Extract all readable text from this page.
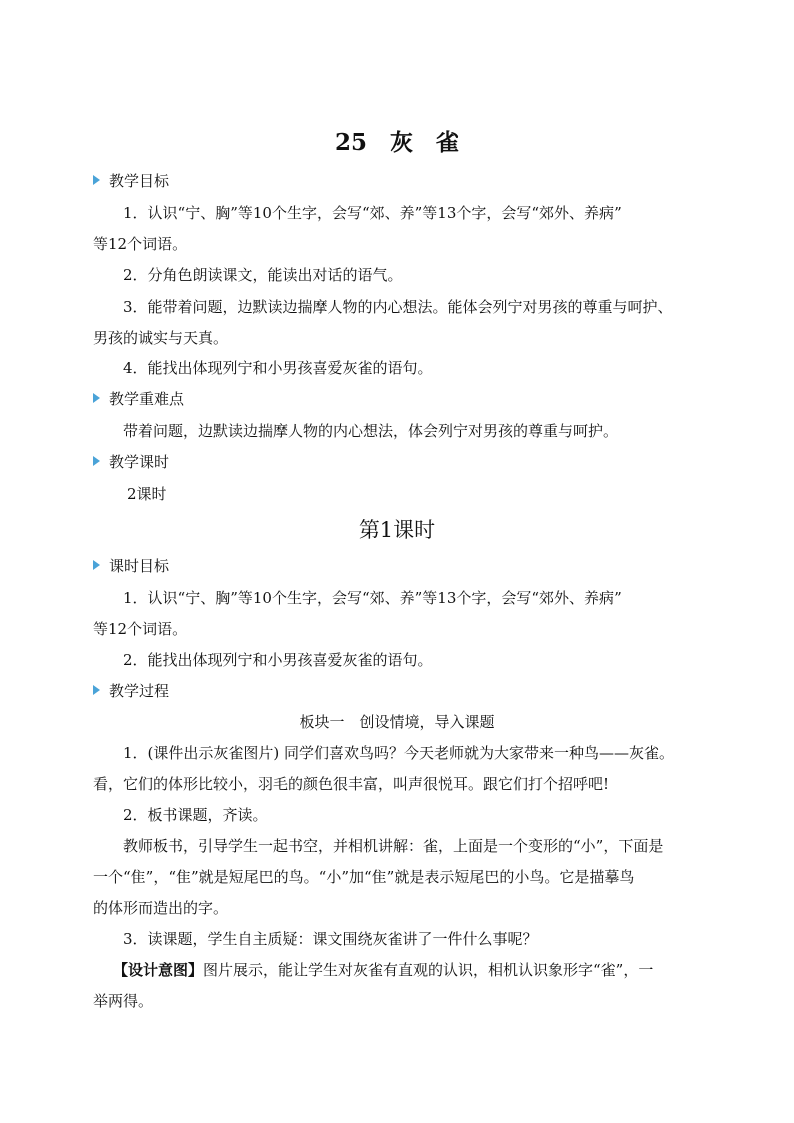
25　灰　雀
教学目标
1．认识“宁、胸”等10个生字，会写“郊、养”等13个字，会写“郊外、养病”
等12个词语。
2．分角色朗读课文，能读出对话的语气。
3．能带着问题，边默读边揣摩人物的内心想法。能体会列宁对男孩的尊重与呵护、
男孩的诚实与天真。
4．能找出体现列宁和小男孩喜爱灰雀的语句。
教学重难点
带着问题，边默读边揣摩人物的内心想法，体会列宁对男孩的尊重与呵护。
教学课时
2课时
第1课时
课时目标
1．认识“宁、胸”等10个生字，会写“郊、养”等13个字，会写“郊外、养病”
等12个词语。
2．能找出体现列宁和小男孩喜爱灰雀的语句。
教学过程
板块一　创设情境，导入课题
1．(课件出示灰雀图片) 同学们喜欢鸟吗？今天老师就为大家带来一种鸟——灰雀。
看，它们的体形比较小，羽毛的颜色很丰富，叫声很悦耳。跟它们打个招呼吧!
2．板书课题，齐读。
教师板书，引导学生一起书空，并相机讲解：雀，上面是一个变形的“小”，下面是
一个“隹”，“隹”就是短尾巴的鸟。“小”加“隹”就是表示短尾巴的小鸟。它是描摹鸟
的体形而造出的字。
3．读课题，学生自主质疑：课文围绕灰雀讲了一件什么事呢？
【设计意图】图片展示，能让学生对灰雀有直观的认识，相机认识象形字“雀”，一
举两得。
